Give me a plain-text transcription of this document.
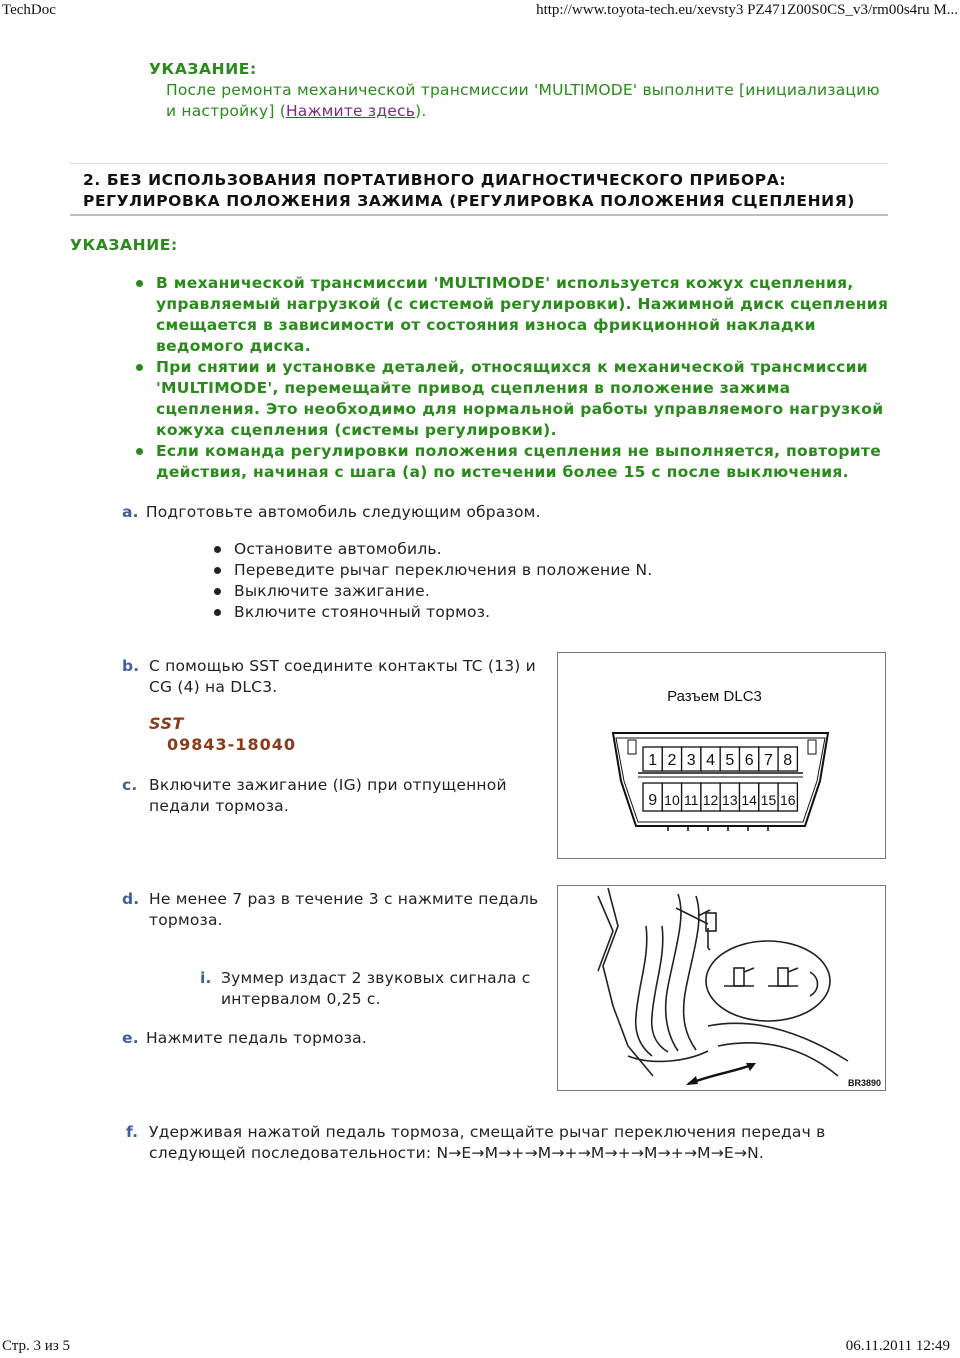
TechDoc	http://www.toyota-tech.eu/xevsty3 PZ471Z00S0CS_v3/rm00s4ru M...
УКАЗАНИЕ:
После ремонта механической трансмиссии 'MULTIMODE' выполните [инициализацию и настройку] (Нажмите здесь).
2. БЕЗ ИСПОЛЬЗОВАНИЯ ПОРТАТИВНОГО ДИАГНОСТИЧЕСКОГО ПРИБОРА: РЕГУЛИРОВКА ПОЛОЖЕНИЯ ЗАЖИМА (РЕГУЛИРОВКА ПОЛОЖЕНИЯ СЦЕПЛЕНИЯ)
УКАЗАНИЕ:
В механической трансмиссии 'MULTIMODE' используется кожух сцепления, управляемый нагрузкой (с системой регулировки). Нажимной диск сцепления смещается в зависимости от состояния износа фрикционной накладки ведомого диска.
При снятии и установке деталей, относящихся к механической трансмиссии 'MULTIMODE', перемещайте привод сцепления в положение зажима сцепления. Это необходимо для нормальной работы управляемого нагрузкой кожуха сцепления (системы регулировки).
Если команда регулировки положения сцепления не выполняется, повторите действия, начиная с шага (a) по истечении более 15 с после выключения.
a. Подготовьте автомобиль следующим образом.
Остановите автомобиль.
Переведите рычаг переключения в положение N.
Выключите зажигание.
Включите стояночный тормоз.
b. С помощью SST соедините контакты TC (13) и CG (4) на DLC3.
SST
09843-18040
c. Включите зажигание (IG) при отпущенной педали тормоза.
Разъем DLC3
1 2 3 4 5 6 7 8
9 10 11 12 13 14 15 16
d. Не менее 7 раз в течение 3 с нажмите педаль тормоза.
i. Зуммер издаст 2 звуковых сигнала с интервалом 0,25 с.
e. Нажмите педаль тормоза.
BR3890
f. Удерживая нажатой педаль тормоза, смещайте рычаг переключения передач в следующей последовательности: N→E→M→+→M→+→M→+→M→+→M→E→N.
Стр. 3 из 5	06.11.2011 12:49
